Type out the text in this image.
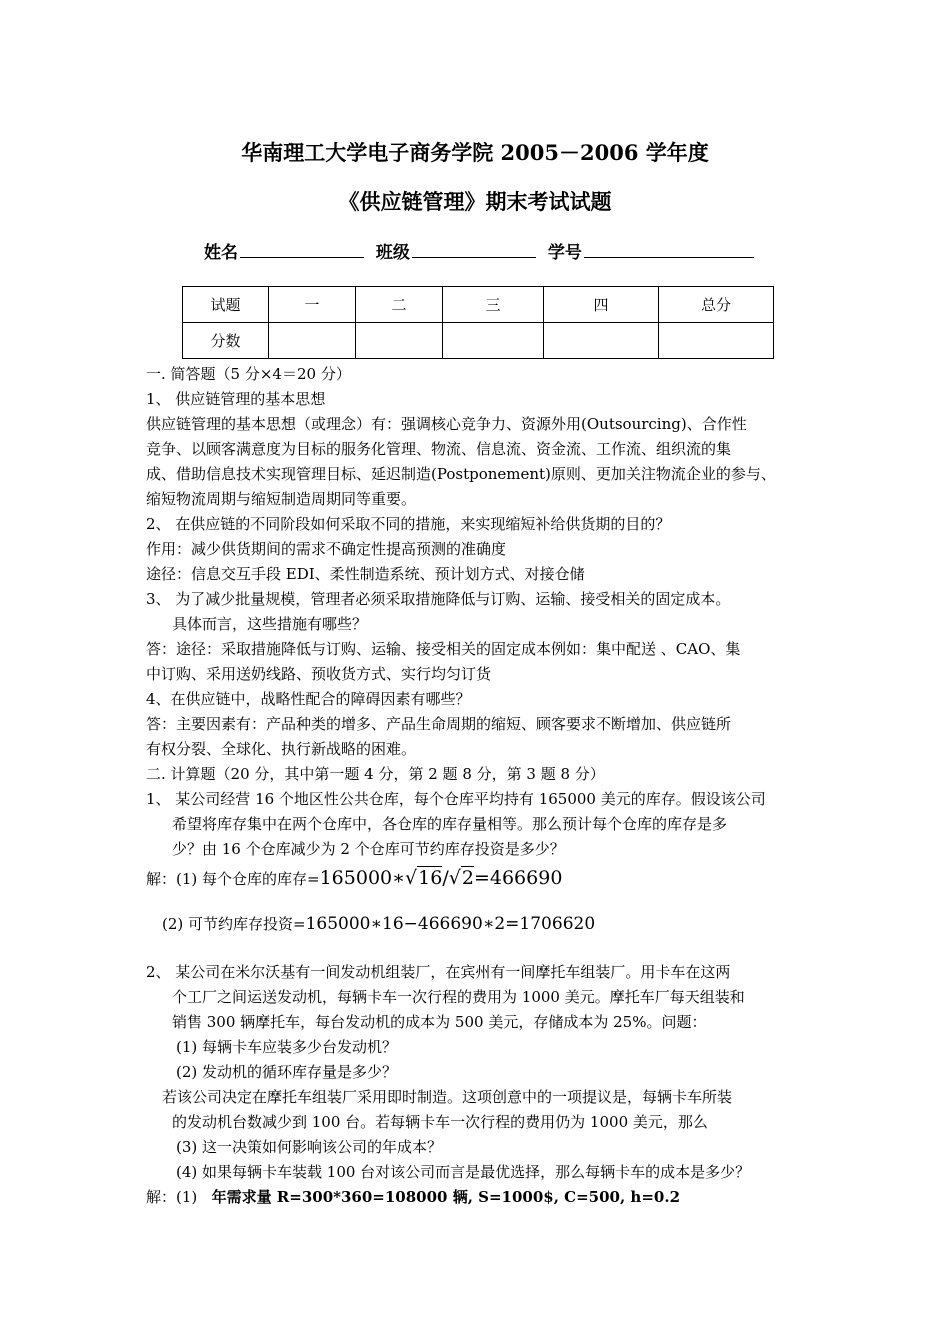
华南理工大学电子商务学院 2005－2006 学年度
《供应链管理》期末考试试题
姓名	班级	学号
试题	一	二	三	四	总分
分数					
一. 简答题（5 分×4＝20 分）
1、 供应链管理的基本思想
供应链管理的基本思想（或理念）有：强调核心竞争力、资源外用(Outsourcing)、合作性
竞争、以顾客满意度为目标的服务化管理、物流、信息流、资金流、工作流、组织流的集
成、借助信息技术实现管理目标、延迟制造(Postponement)原则、更加关注物流企业的参与、
缩短物流周期与缩短制造周期同等重要。
2、 在供应链的不同阶段如何采取不同的措施，来实现缩短补给供货期的目的？
作用：减少供货期间的需求不确定性提高预测的准确度
途径：信息交互手段 EDI、柔性制造系统、预计划方式、对接仓储
3、 为了减少批量规模，管理者必须采取措施降低与订购、运输、接受相关的固定成本。
具体而言，这些措施有哪些？
答：途径：采取措施降低与订购、运输、接受相关的固定成本例如：集中配送 、CAO、集
中订购、采用送奶线路、预收货方式、实行均匀订货
4、在供应链中，战略性配合的障碍因素有哪些？
答：主要因素有：产品种类的增多、产品生命周期的缩短、顾客要求不断增加、供应链所
有权分裂、全球化、执行新战略的困难。
二. 计算题（20 分，其中第一题 4 分，第 2 题 8 分，第 3 题 8 分）
1、 某公司经营 16 个地区性公共仓库，每个仓库平均持有 165000 美元的库存。假设该公司
希望将库存集中在两个仓库中，各仓库的库存量相等。那么预计每个仓库的库存是多
少？由 16 个仓库减少为 2 个仓库可节约库存投资是多少？
解：(1) 每个仓库的库存=165000∗√16/√2=466690
(2) 可节约库存投资=165000∗16−466690∗2=1706620
2、 某公司在米尔沃基有一间发动机组装厂，在宾州有一间摩托车组装厂。用卡车在这两
个工厂之间运送发动机，每辆卡车一次行程的费用为 1000 美元。摩托车厂每天组装和
销售 300 辆摩托车，每台发动机的成本为 500 美元，存储成本为 25%。问题：
(1) 每辆卡车应装多少台发动机？
(2) 发动机的循环库存量是多少？
若该公司决定在摩托车组装厂采用即时制造。这项创意中的一项提议是，每辆卡车所装
的发动机台数减少到 100 台。若每辆卡车一次行程的费用仍为 1000 美元，那么
(3) 这一决策如何影响该公司的年成本？
(4) 如果每辆卡车装载 100 台对该公司而言是最优选择，那么每辆卡车的成本是多少？
解：(1)   年需求量 R=300*360=108000 辆, S=1000$, C=500, h=0.2
